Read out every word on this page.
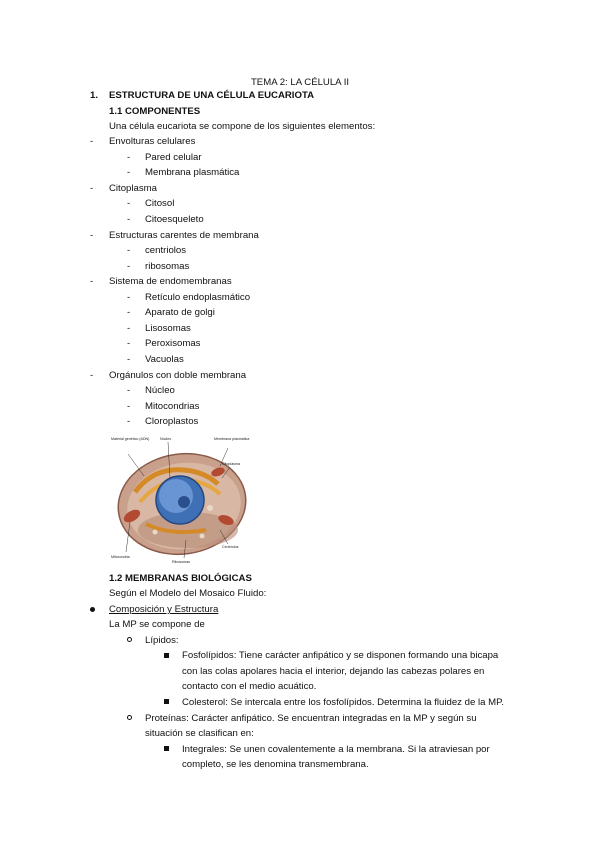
TEMA 2: LA CÉLULA II
1. ESTRUCTURA DE UNA CÉLULA EUCARIOTA
1.1 COMPONENTES
Una célula eucariota se compone de los siguientes elementos:
- Envolturas celulares
- Pared celular
- Membrana plasmática
- Citoplasma
- Citosol
- Citoesqueleto
- Estructuras carentes de membrana
- centriolos
- ribosomas
- Sistema de endomembranas
- Retículo endoplasmático
- Aparato de golgi
- Lisosomas
- Peroxisomas
- Vacuolas
- Orgánulos con doble membrana
- Núcleo
- Mitocondrias
- Cloroplastos
Material genético (ADN)	Núcleo	Membrana plasmática
Citoplasma
Mitocondria
Centríolos
Ribosomas
1.2 MEMBRANAS BIOLÓGICAS
Según el Modelo del Mosaico Fluido:
Composición y Estructura
La MP se compone de
Lípidos:
Fosfolípidos: Tiene carácter anfipático y se disponen formando una bicapa
con las colas apolares hacia el interior, dejando las cabezas polares en
contacto con el medio acuático.
Colesterol: Se intercala entre los fosfolípidos. Determina la fluidez de la MP.
Proteínas: Carácter anfipático. Se encuentran integradas en la MP y según su
situación se clasifican en:
Integrales: Se unen covalentemente a la membrana. Si la atraviesan por
completo, se les denomina transmembrana.
